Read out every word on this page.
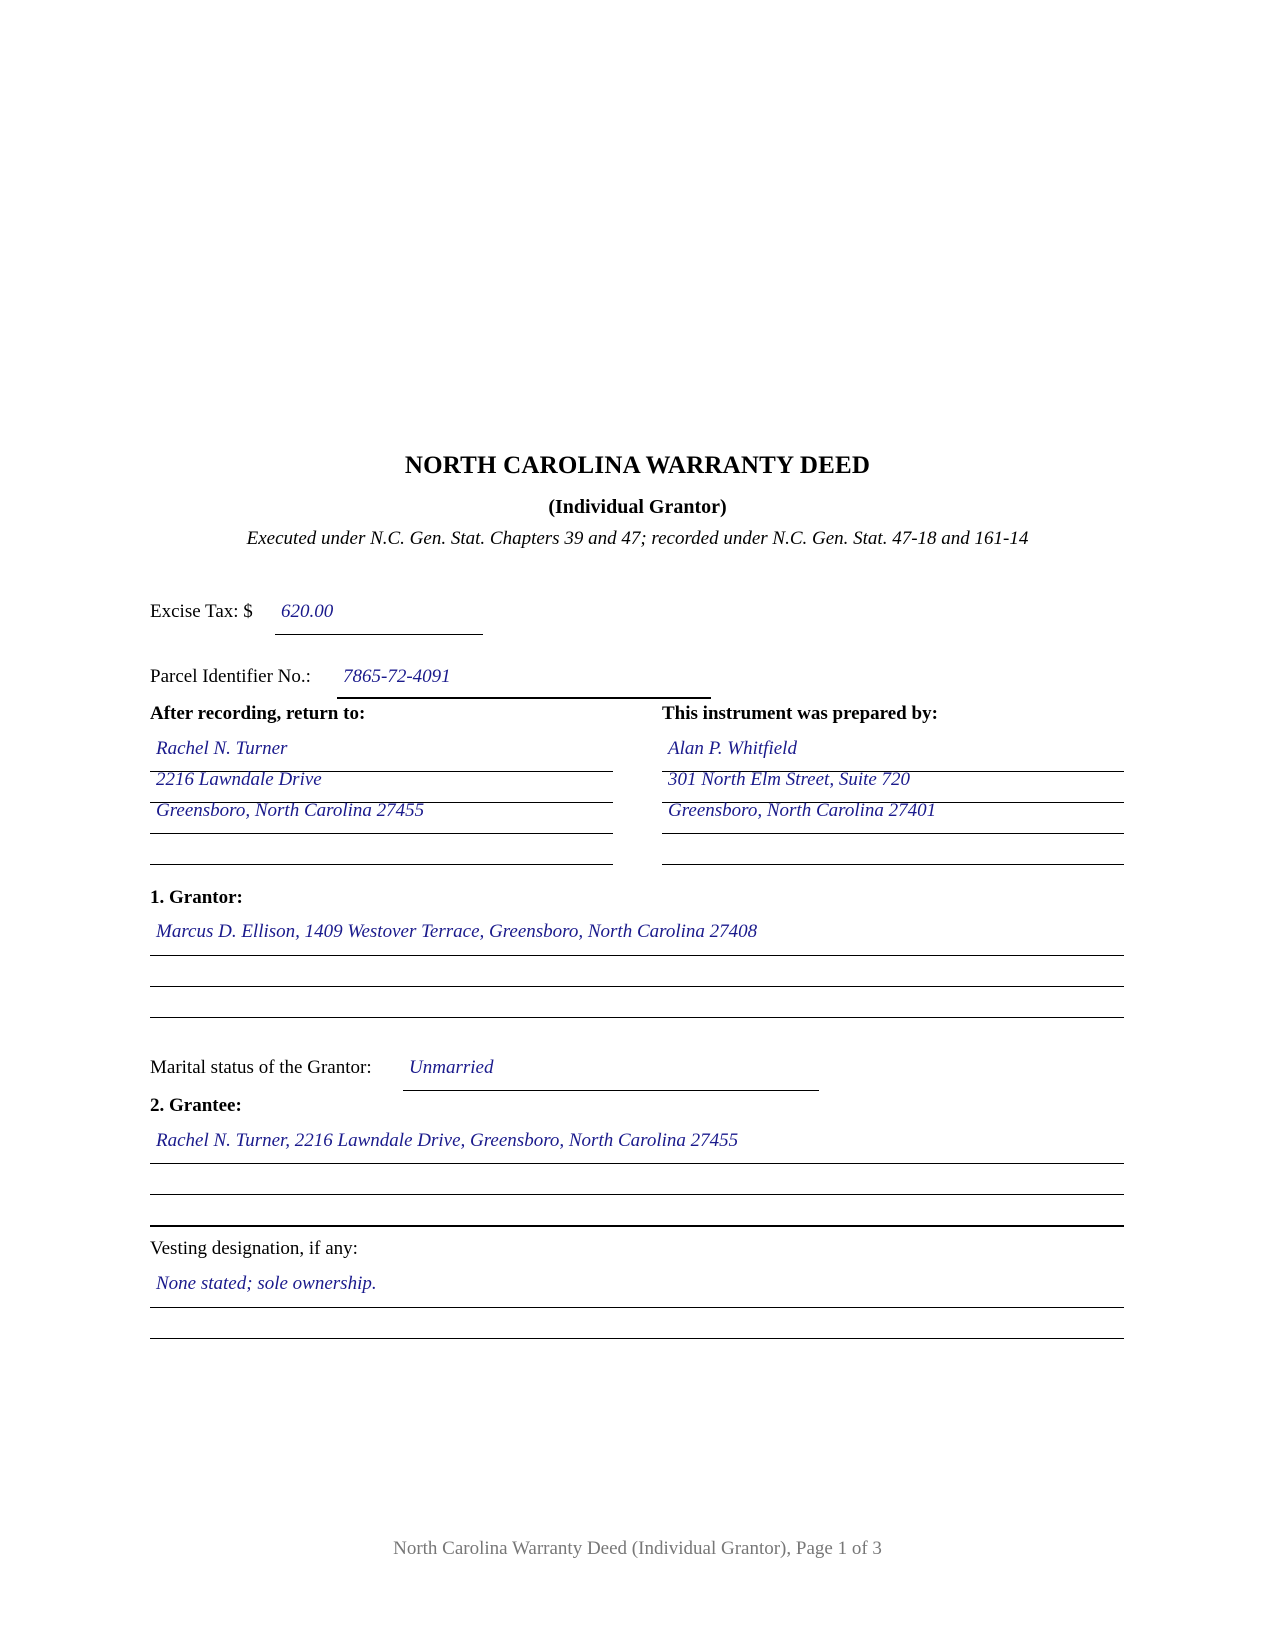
NORTH CAROLINA WARRANTY DEED
(Individual Grantor)
Executed under N.C. Gen. Stat. Chapters 39 and 47; recorded under N.C. Gen. Stat. 47-18 and 161-14
Excise Tax: $ 620.00
Parcel Identifier No.: 7865-72-4091
After recording, return to:
Rachel N. Turner
2216 Lawndale Drive
Greensboro, North Carolina 27455
This instrument was prepared by:
Alan P. Whitfield
301 North Elm Street, Suite 720
Greensboro, North Carolina 27401
1. Grantor:
Marcus D. Ellison, 1409 Westover Terrace, Greensboro, North Carolina 27408
Marital status of the Grantor: Unmarried
2. Grantee:
Rachel N. Turner, 2216 Lawndale Drive, Greensboro, North Carolina 27455
Vesting designation, if any:
None stated; sole ownership.
North Carolina Warranty Deed (Individual Grantor), Page 1 of 3
